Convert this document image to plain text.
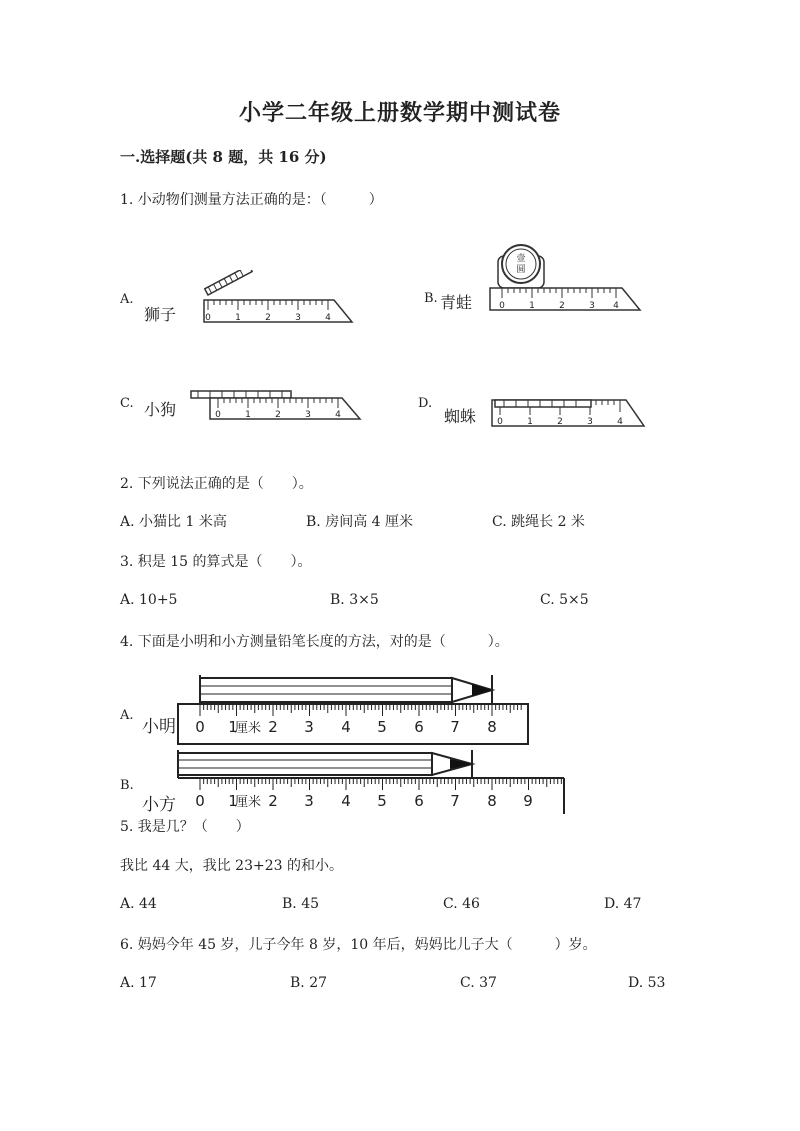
小学二年级上册数学期中测试卷
一.选择题(共 8 题，共 16 分)
1. 小动物们测量方法正确的是：（　　　）
A.
狮子	0	1	2	3	4
B. 青蛙
壹
圆
0	1	2	3 4
C. 小狗	0	1	2	3	4
D.
蜘蛛 0	1	2	3	4
2. 下列说法正确的是（　　）。
A. 小猫比 1 米高	B. 房间高 4 厘米	C. 跳绳长 2 米
3. 积是 15 的算式是（　　）。
A. 10+5	B. 3×5	C. 5×5
4. 下面是小明和小方测量铅笔长度的方法，对的是（　　　）。
A.
小明 0 1
厘米 2 3 4 5 6 7 8
B.
小方 0 1
厘米 2 3 4 5 6 7 8 9
5. 我是几？（　　）
我比 44 大，我比 23+23 的和小。
A. 44	B. 45	C. 46	D. 47
6. 妈妈今年 45 岁，儿子今年 8 岁，10 年后，妈妈比儿子大（　　　）岁。
A. 17	B. 27	C. 37	D. 53
